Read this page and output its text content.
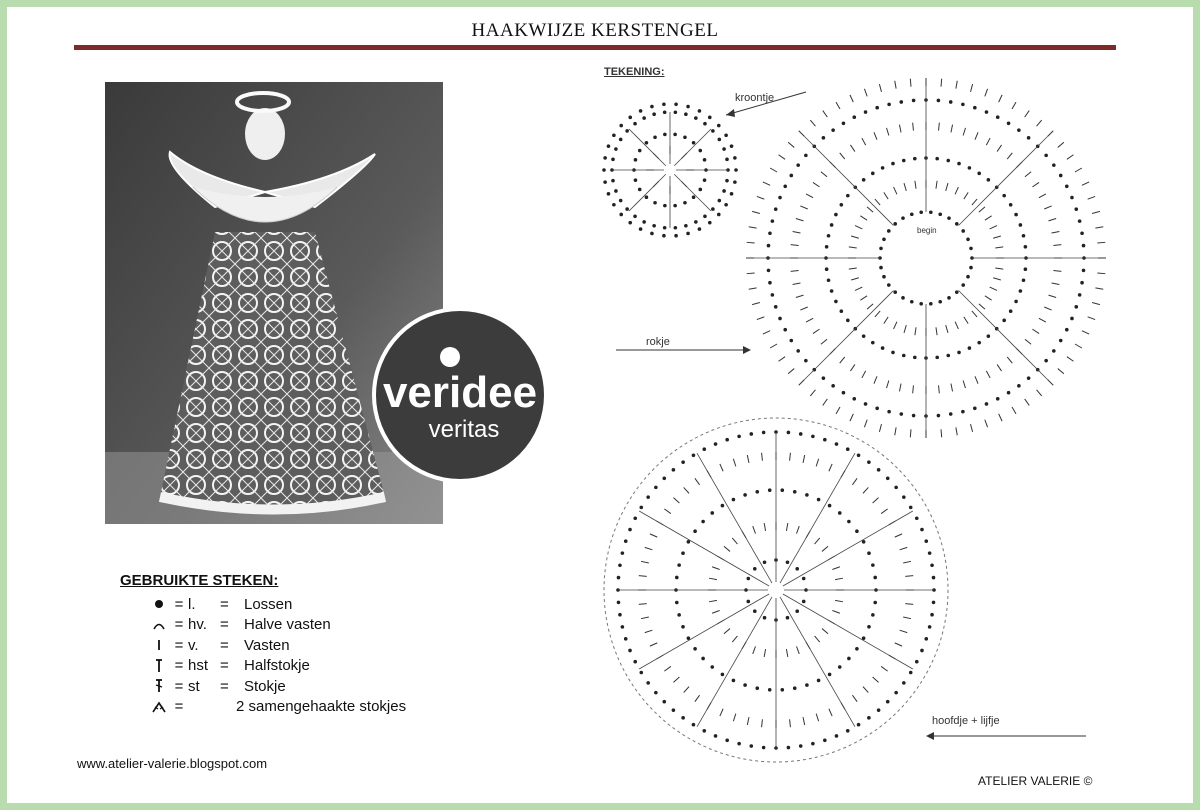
HAAKWIJZE KERSTENGEL
veridee
veritas
GEBRUIKTE STEKEN:
= l.	=	Lossen
= hv. =	Halve vasten
= v.	=	Vasten
= hst =	Halfstokje
= st	=	Stokje
=	2 samengehaakte stokjes
www.atelier-valerie.blogspot.com
ATELIER VALERIE ©
TEKENING:
kroontje
rokje
hoofdje + lijfje
begin
